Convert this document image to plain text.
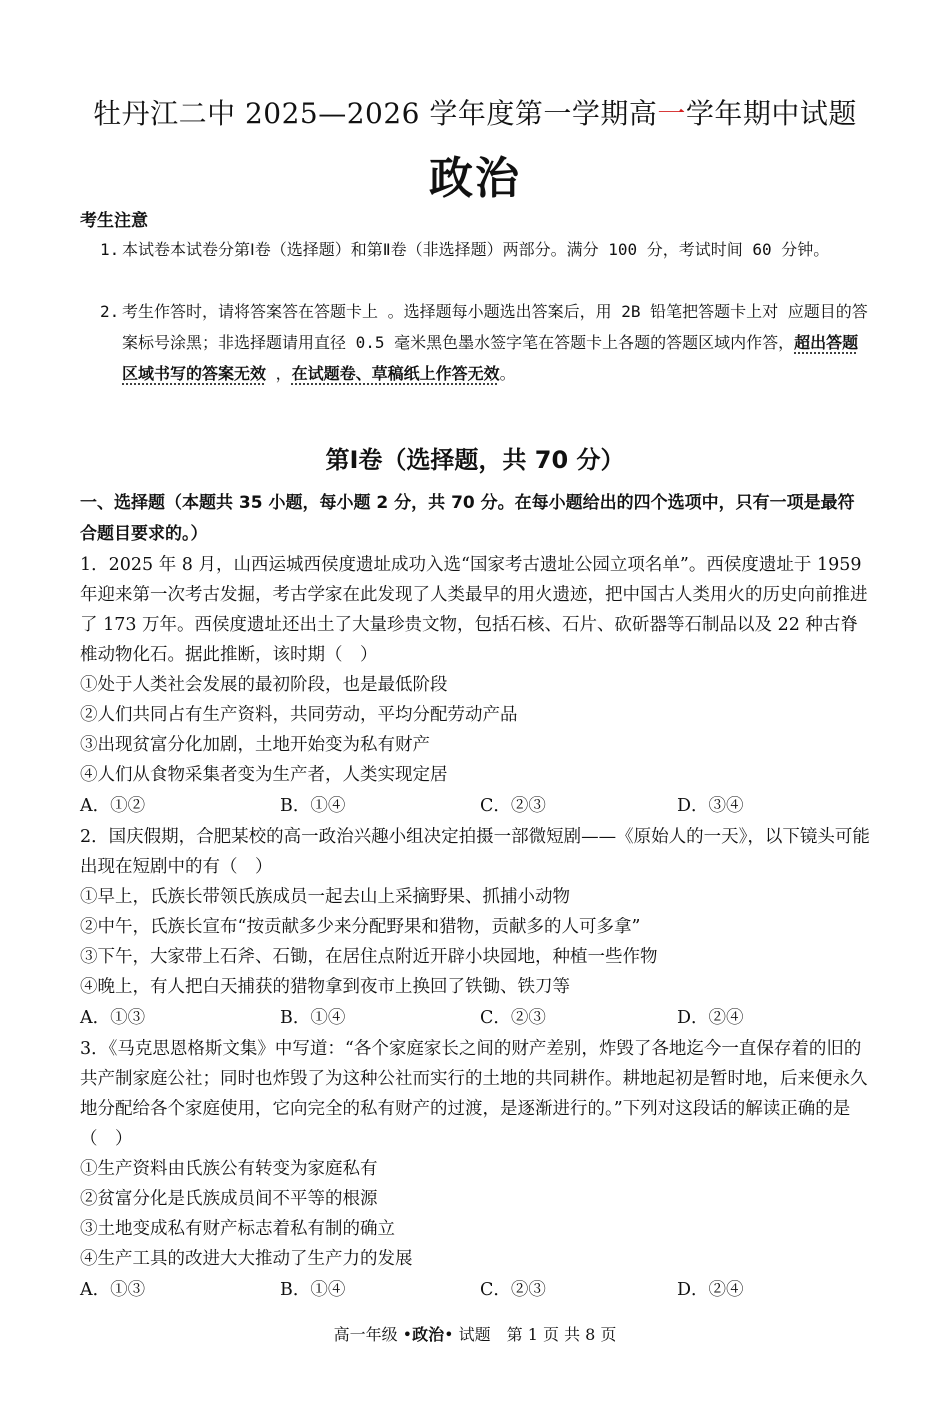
牡丹江二中 2025—2026 学年度第一学期高一学年期中试题
政治
考生注意
1. 本试卷本试卷分第Ⅰ卷（选择题）和第Ⅱ卷（非选择题）两部分。满分 100 分，考试时间 60 分钟。
2. 考生作答时，请将答案答在答题卡上 。选择题每小题选出答案后，用 2B 铅笔把答题卡上对 应题目的答案标号涂黑；非选择题请用直径 0.5 毫米黑色墨水签字笔在答题卡上各题的答题区域内作答，超出答题区域书写的答案无效 ，在试题卷、草稿纸上作答无效。
第Ⅰ卷（选择题，共 70 分）
一、选择题（本题共 35 小题，每小题 2 分，共 70 分。在每小题给出的四个选项中，只有一项是最符合题目要求的。）

1．2025 年 8 月，山西运城西侯度遗址成功入选“国家考古遗址公园立项名单”。西侯度遗址于 1959 年迎来第一次考古发掘，考古学家在此发现了人类最早的用火遗迹，把中国古人类用火的历史向前推进了 173 万年。西侯度遗址还出土了大量珍贵文物，包括石核、石片、砍斫器等石制品以及 22 种古脊椎动物化石。据此推断，该时期（　）

①处于人类社会发展的最初阶段，也是最低阶段

②人们共同占有生产资料，共同劳动，平均分配劳动产品

③出现贫富分化加剧，土地开始变为私有财产

④人们从食物采集者变为生产者，人类实现定居

A．①②	B．①④	C．②③	D．③④

2．国庆假期，合肥某校的高一政治兴趣小组决定拍摄一部微短剧——《原始人的一天》，以下镜头可能出现在短剧中的有（　）

①早上，氏族长带领氏族成员一起去山上采摘野果、抓捕小动物

②中午，氏族长宣布“按贡献多少来分配野果和猎物，贡献多的人可多拿”

③下午，大家带上石斧、石锄，在居住点附近开辟小块园地，种植一些作物

④晚上，有人把白天捕获的猎物拿到夜市上换回了铁锄、铁刀等

A．①③	B．①④	C．②③	D．②④

3．《马克思恩格斯文集》中写道：“各个家庭家长之间的财产差别，炸毁了各地迄今一直保存着的旧的共产制家庭公社；同时也炸毁了为这种公社而实行的土地的共同耕作。耕地起初是暂时地，后来便永久地分配给各个家庭使用，它向完全的私有财产的过渡，是逐渐进行的。”下列对这段话的解读正确的是（　）

①生产资料由氏族公有转变为家庭私有

②贫富分化是氏族成员间不平等的根源

③土地变成私有财产标志着私有制的确立

④生产工具的改进大大推动了生产力的发展

A．①③	B．①④	C．②③	D．②④
高一年级 •政治• 试题　第 1 页 共 8 页
